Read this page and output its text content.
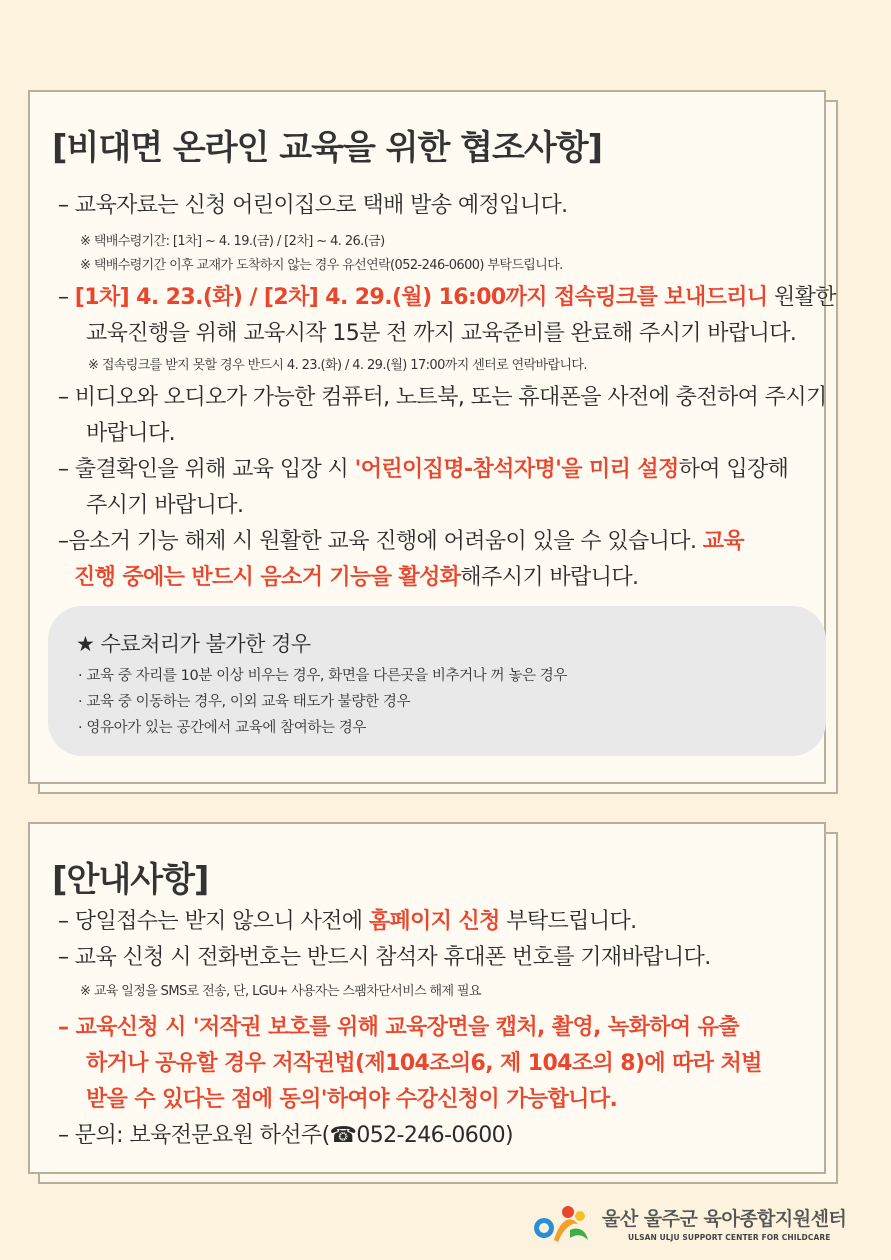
[비대면 온라인 교육을 위한 협조사항]
– 교육자료는 신청 어린이집으로 택배 발송 예정입니다.
※ 택배수령기간: [1차] ~ 4. 19.(금) / [2차] ~ 4. 26.(금)
※ 택배수령기간 이후 교재가 도착하지 않는 경우 유선연락(052-246-0600) 부탁드립니다.
– [1차] 4. 23.(화) / [2차] 4. 29.(월) 16:00까지 접속링크를 보내드리니 원활한
교육진행을 위해 교육시작 15분 전 까지 교육준비를 완료해 주시기 바랍니다.
※ 접속링크를 받지 못할 경우 반드시 4. 23.(화) / 4. 29.(월) 17:00까지 센터로 연락바랍니다.
– 비디오와 오디오가 가능한 컴퓨터, 노트북, 또는 휴대폰을 사전에 충전하여 주시기
바랍니다.
– 출결확인을 위해 교육 입장 시 '어린이집명-참석자명'을 미리 설정하여 입장해
주시기 바랍니다.
–음소거 기능 해제 시 원활한 교육 진행에 어려움이 있을 수 있습니다. 교육
진행 중에는 반드시 음소거 기능을 활성화해주시기 바랍니다.
★ 수료처리가 불가한 경우
· 교육 중 자리를 10분 이상 비우는 경우, 화면을 다른곳을 비추거나 꺼 놓은 경우
· 교육 중 이동하는 경우, 이외 교육 태도가 불량한 경우
· 영유아가 있는 공간에서 교육에 참여하는 경우
[안내사항]
– 당일접수는 받지 않으니 사전에 홈페이지 신청 부탁드립니다.
– 교육 신청 시 전화번호는 반드시 참석자 휴대폰 번호를 기재바랍니다.
※ 교육 일정을 SMS로 전송, 단, LGU+ 사용자는 스팸차단서비스 해제 필요
– 교육신청 시 '저작권 보호를 위해 교육장면을 캡처, 촬영, 녹화하여 유출
하거나 공유할 경우 저작권법(제104조의6, 제 104조의 8)에 따라 처벌
받을 수 있다는 점에 동의'하여야 수강신청이 가능합니다.
– 문의: 보육전문요원 하선주(☎052-246-0600)
울산 울주군 육아종합지원센터
ULSAN ULJU SUPPORT CENTER FOR CHILDCARE
